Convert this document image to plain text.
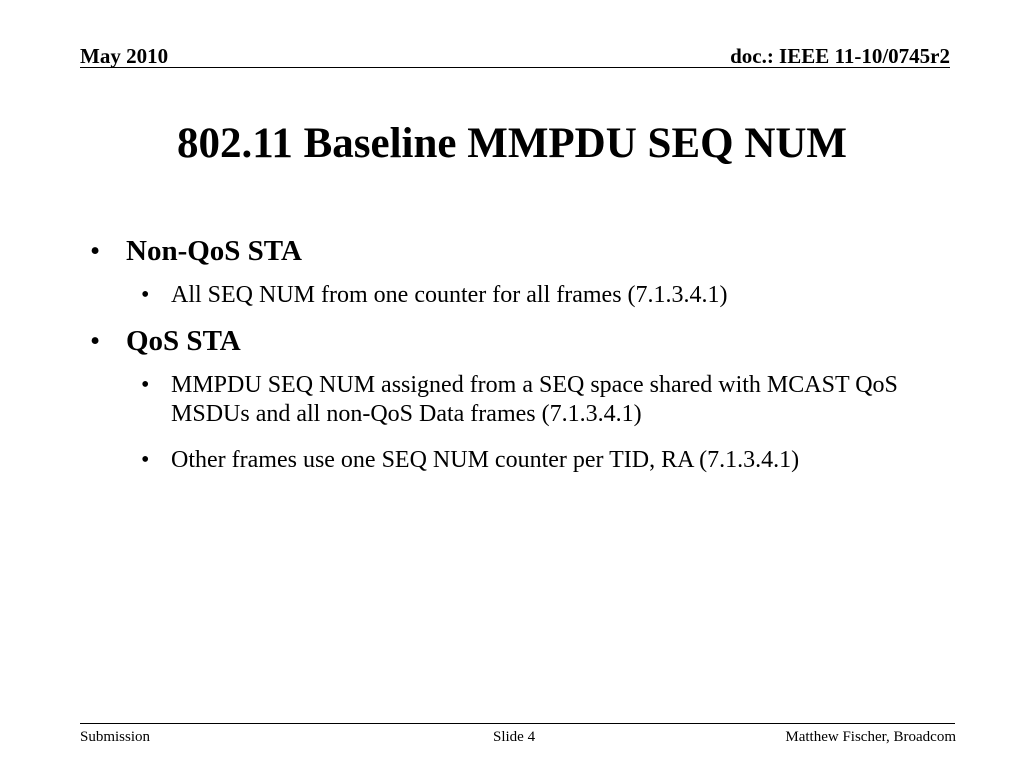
May 2010	doc.: IEEE 11-10/0745r2
802.11 Baseline MMPDU SEQ NUM
• Non-QoS STA
• All SEQ NUM from one counter for all frames (7.1.3.4.1)
• QoS STA
• MMPDU SEQ NUM assigned from a SEQ space shared with MCAST QoS MSDUs and all non-QoS Data frames (7.1.3.4.1)
• Other frames use one SEQ NUM counter per TID, RA (7.1.3.4.1)
Submission	Slide 4	Matthew Fischer, Broadcom
